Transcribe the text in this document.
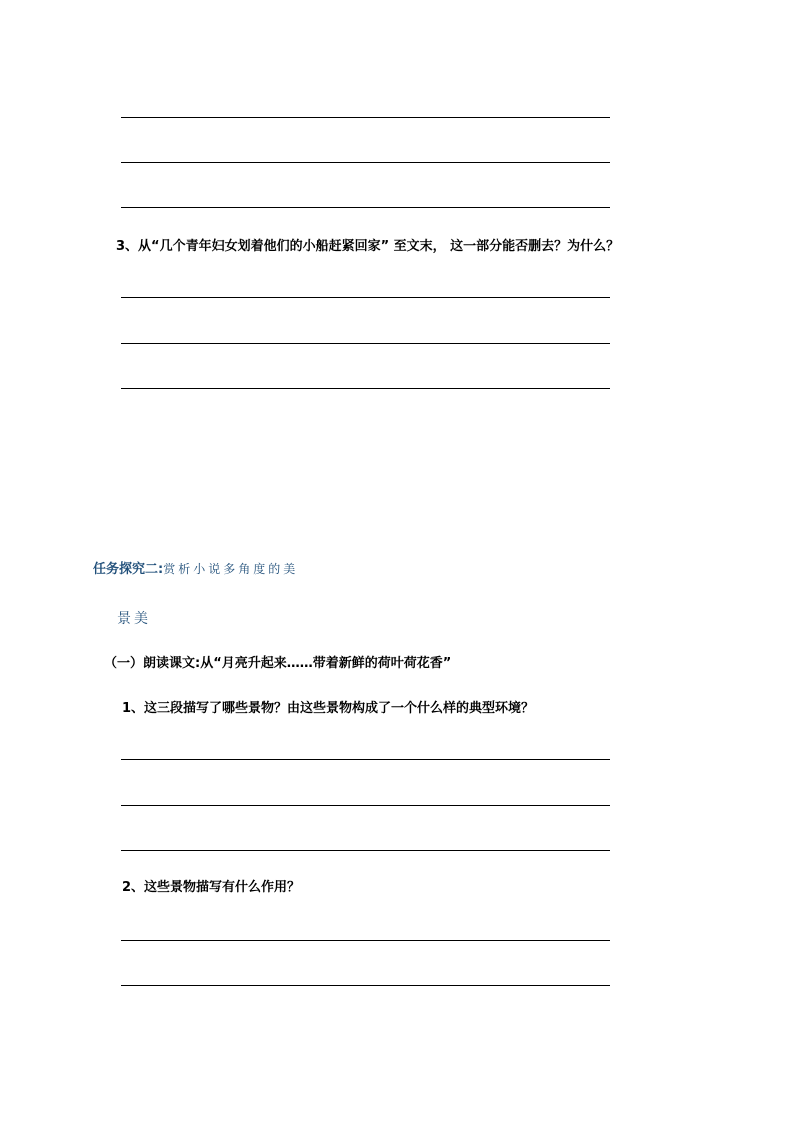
3、从“几个青年妇女划着他们的小船赶紧回家” 至文末， 这一部分能否删去？为什么？
任务探究二:赏析小说多角度的美
景美
（一）朗读课文:从“月亮升起来……带着新鲜的荷叶荷花香”
1、这三段描写了哪些景物？由这些景物构成了一个什么样的典型环境？
2、这些景物描写有什么作用？
